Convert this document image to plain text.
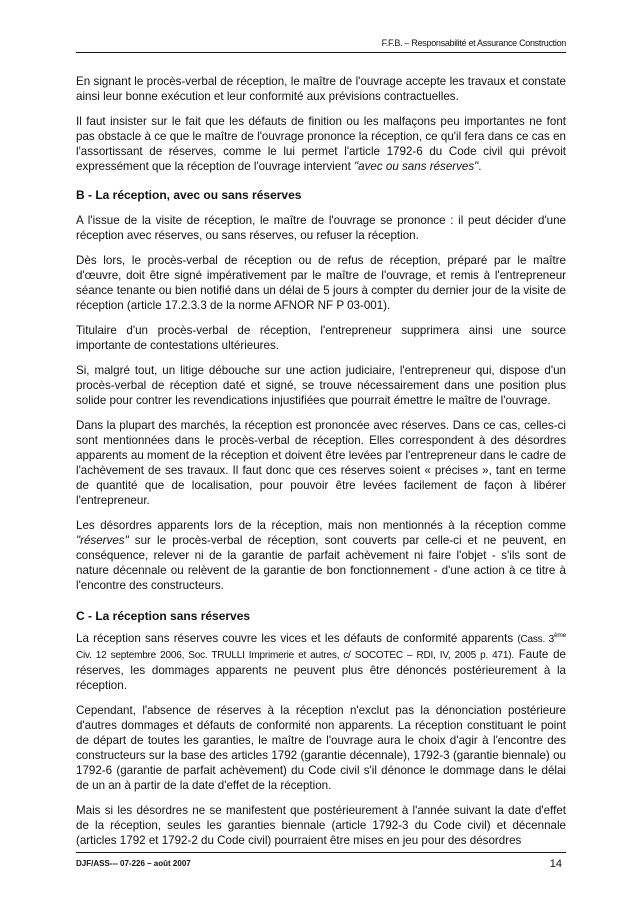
F.F.B. – Responsabilité et Assurance Construction

En signant le procès-verbal de réception, le maître de l'ouvrage accepte les travaux et constate ainsi leur bonne exécution et leur conformité aux prévisions contractuelles.

Il faut insister sur le fait que les défauts de finition ou les malfaçons peu importantes ne font pas obstacle à ce que le maître de l'ouvrage prononce la réception, ce qu'il fera dans ce cas en l'assortissant de réserves, comme le lui permet l'article 1792-6 du Code civil qui prévoit expressément que la réception de l'ouvrage intervient "avec ou sans réserves".

B - La réception, avec ou sans réserves

A l'issue de la visite de réception, le maître de l'ouvrage se prononce : il peut décider d'une réception avec réserves, ou sans réserves, ou refuser la réception.

Dès lors, le procès-verbal de réception ou de refus de réception, préparé par le maître d'œuvre, doit être signé impérativement par le maître de l'ouvrage, et remis à l'entrepreneur séance tenante ou bien notifié dans un délai de 5 jours à compter du dernier jour de la visite de réception (article 17.2.3.3 de la norme AFNOR NF P 03-001).

Titulaire d'un procès-verbal de réception, l'entrepreneur supprimera ainsi une source importante de contestations ultérieures.

Si, malgré tout, un litige débouche sur une action judiciaire, l'entrepreneur qui, dispose d'un procès-verbal de réception daté et signé, se trouve nécessairement dans une position plus solide pour contrer les revendications injustifiées que pourrait émettre le maître de l'ouvrage.

Dans la plupart des marchés, la réception est prononcée avec réserves. Dans ce cas, celles-ci sont mentionnées dans le procès-verbal de réception. Elles correspondent à des désordres apparents au moment de la réception et doivent être levées par l'entrepreneur dans le cadre de l'achèvement de ses travaux. Il faut donc que ces réserves soient « précises », tant en terme de quantité que de localisation, pour pouvoir être levées facilement de façon à libérer l'entrepreneur.

Les désordres apparents lors de la réception, mais non mentionnés à la réception comme "réserves" sur le procès-verbal de réception, sont couverts par celle-ci et ne peuvent, en conséquence, relever ni de la garantie de parfait achèvement ni faire l'objet - s'ils sont de nature décennale ou relèvent de la garantie de bon fonctionnement - d'une action à ce titre à l'encontre des constructeurs.

C - La réception sans réserves

La réception sans réserves couvre les vices et les défauts de conformité apparents (Cass. 3ème Civ. 12 septembre 2006, Soc. TRULLI Imprimerie et autres, c/ SOCOTEC – RDI, IV, 2005 p. 471). Faute de réserves, les dommages apparents ne peuvent plus être dénoncés postérieurement à la réception.

Cependant, l'absence de réserves à la réception n'exclut pas la dénonciation postérieure d'autres dommages et défauts de conformité non apparents. La réception constituant le point de départ de toutes les garanties, le maître de l'ouvrage aura le choix d'agir à l'encontre des constructeurs sur la base des articles 1792 (garantie décennale), 1792-3 (garantie biennale) ou 1792-6 (garantie de parfait achèvement) du Code civil s'il dénonce le dommage dans le délai de un an à partir de la date d'effet de la réception.

Mais si les désordres ne se manifestent que postérieurement à l'année suivant la date d'effet de la réception, seules les garanties biennale (article 1792-3 du Code civil) et décennale (articles 1792 et 1792-2 du Code civil) pourraient être mises en jeu pour des désordres

DJF/ASS--- 07-226 – août 2007	14
